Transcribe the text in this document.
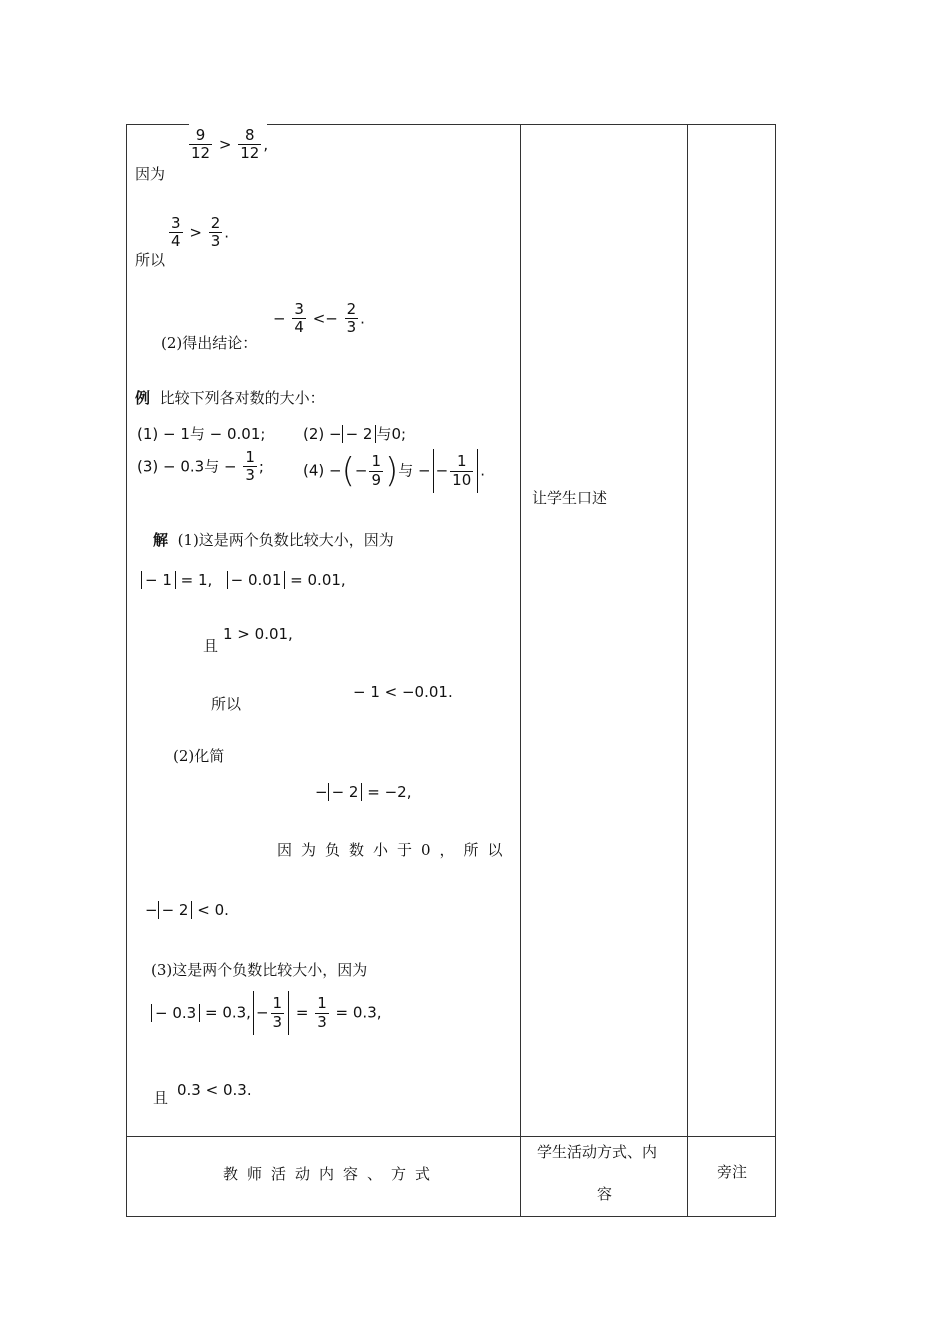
因为
$\frac{9}{12} > \frac{8}{12}$ ,
所以
$\frac{3}{4} > \frac{2}{3}$ .
(2)得出结论：
− $\frac{3}{4} <- \frac{2}{3}$ .
例 比较下列各对数的大小：
(1) − 1与 − 0.01;	(2) − − 2 与0;
(3) − 0.3与 − $\frac{1}{3}$ ;	(4) −(− $\frac{1}{9}$ )与 − − $\frac{1}{10}$ .
解 (1)这是两个负数比较大小，因为
− 1 = 1, − 0.01 = 0.01,
且
1 > 0.01,
所以
− 1 < −0.01.
(2)化简
− − 2 = −2,
因为负数小于0，所以
− − 2 < 0.
(3)这是两个负数比较大小，因为
− 0.3 = 0.3, − $\frac{1}{3} = \frac{1}{3} = 0.3$,
且 0.3 < 0.3.
让学生口述
教师活动内容、方式
学生活动方式、内
容
旁注
